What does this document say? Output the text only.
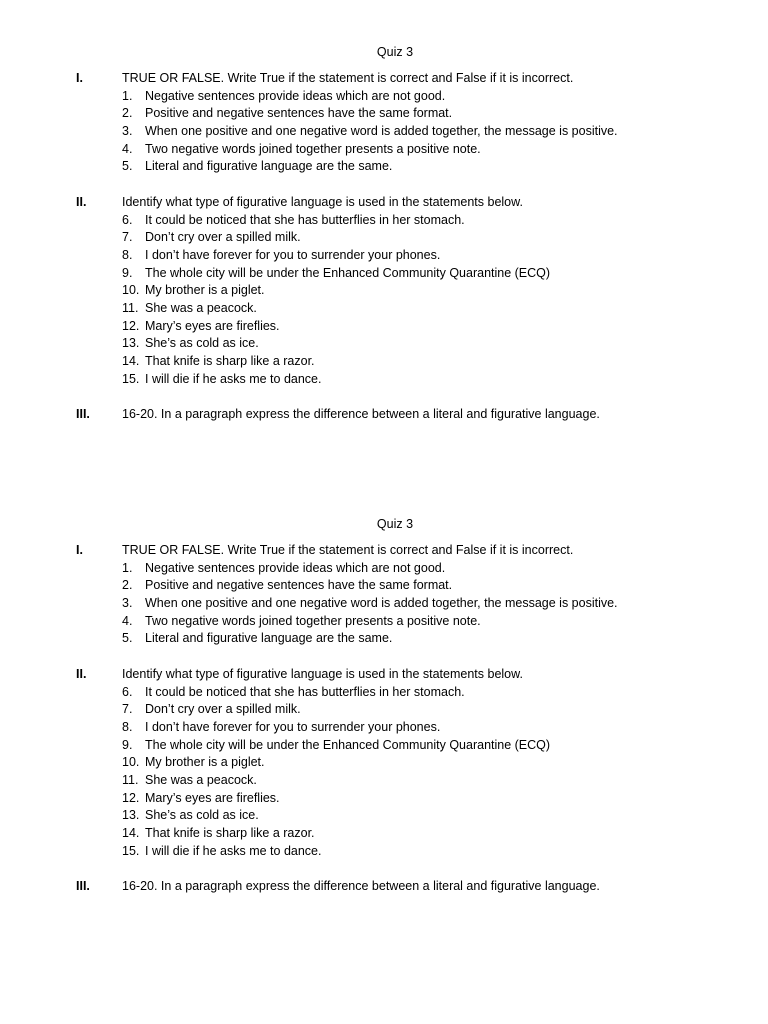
Quiz 3
I.	TRUE OR FALSE. Write True if the statement is correct and False if it is incorrect.
1.	Negative sentences provide ideas which are not good.
2.	Positive and negative sentences have the same format.
3.	When one positive and one negative word is added together, the message is positive.
4.	Two negative words joined together presents a positive note.
5.	Literal and figurative language are the same.
II.	Identify what type of figurative language is used in the statements below.
6.	It could be noticed that she has butterflies in her stomach.
7.	Don’t cry over a spilled milk.
8.	I don’t have forever for you to surrender your phones.
9.	The whole city will be under the Enhanced Community Quarantine (ECQ)
10. My brother is a piglet.
11. She was a peacock.
12. Mary’s eyes are fireflies.
13. She’s as cold as ice.
14. That knife is sharp like a razor.
15. I will die if he asks me to dance.
III.	16-20. In a paragraph express the difference between a literal and figurative language.
Quiz 3
I.	TRUE OR FALSE. Write True if the statement is correct and False if it is incorrect.
1.	Negative sentences provide ideas which are not good.
2.	Positive and negative sentences have the same format.
3.	When one positive and one negative word is added together, the message is positive.
4.	Two negative words joined together presents a positive note.
5.	Literal and figurative language are the same.
II.	Identify what type of figurative language is used in the statements below.
6.	It could be noticed that she has butterflies in her stomach.
7.	Don’t cry over a spilled milk.
8.	I don’t have forever for you to surrender your phones.
9.	The whole city will be under the Enhanced Community Quarantine (ECQ)
10. My brother is a piglet.
11. She was a peacock.
12. Mary’s eyes are fireflies.
13. She’s as cold as ice.
14. That knife is sharp like a razor.
15. I will die if he asks me to dance.
III.	16-20. In a paragraph express the difference between a literal and figurative language.
